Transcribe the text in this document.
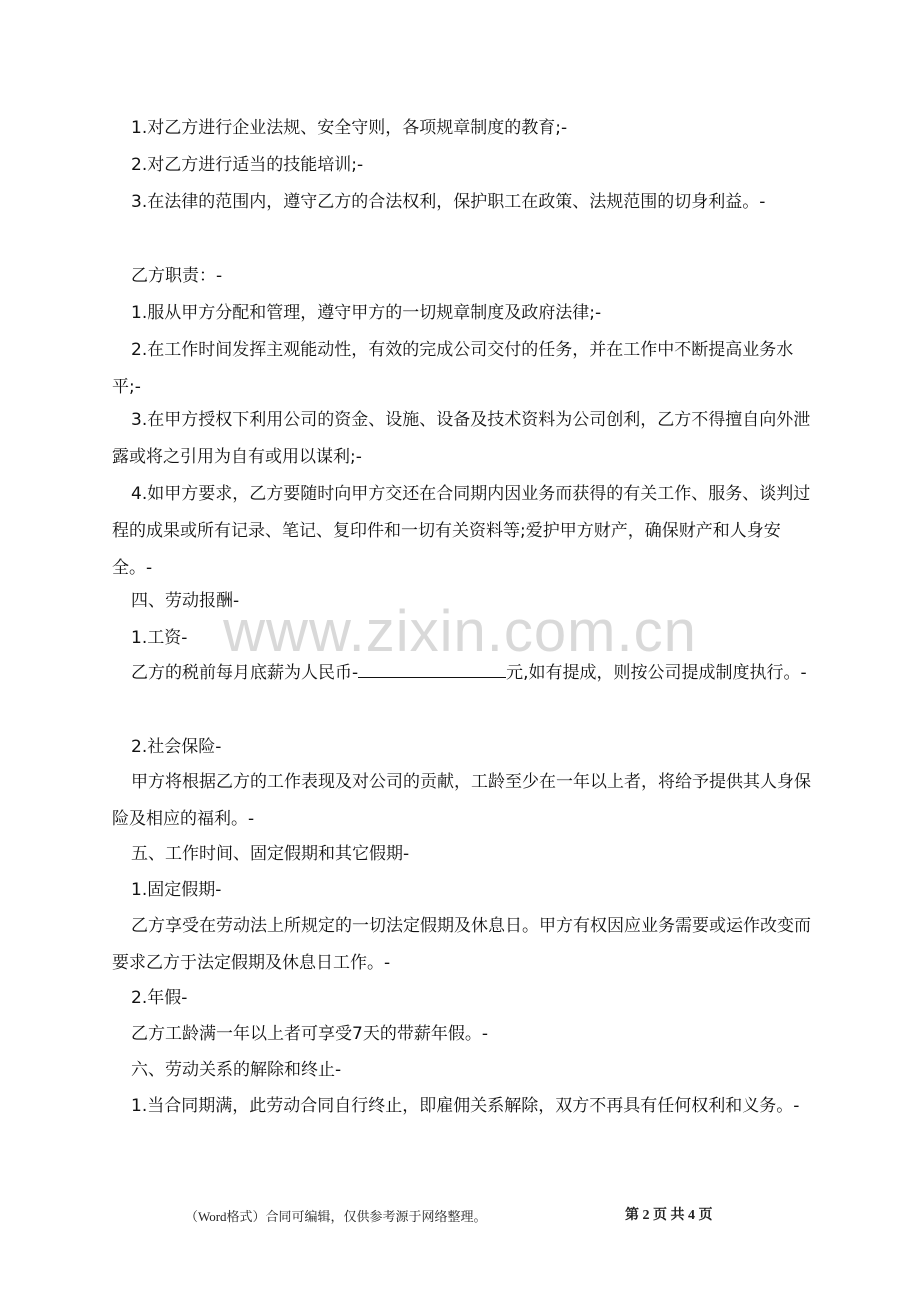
www.zixin.com.cn

1.对乙方进行企业法规、安全守则，各项规章制度的教育;-

2.对乙方进行适当的技能培训;-

3.在法律的范围内，遵守乙方的合法权利，保护职工在政策、法规范围的切身利益。-

乙方职责：-

1.服从甲方分配和管理，遵守甲方的一切规章制度及政府法律;-

2.在工作时间发挥主观能动性，有效的完成公司交付的任务，并在工作中不断提高业务水平;-

3.在甲方授权下利用公司的资金、设施、设备及技术资料为公司创利，乙方不得擅自向外泄露或将之引用为自有或用以谋利;-

4.如甲方要求，乙方要随时向甲方交还在合同期内因业务而获得的有关工作、服务、谈判过程的成果或所有记录、笔记、复印件和一切有关资料等;爱护甲方财产，确保财产和人身安全。-

四、劳动报酬-

1.工资-

乙方的税前每月底薪为人民币-	元,如有提成，则按公司提成制度执行。-

2.社会保险-

甲方将根据乙方的工作表现及对公司的贡献，工龄至少在一年以上者，将给予提供其人身保险及相应的福利。-

五、工作时间、固定假期和其它假期-

1.固定假期-

乙方享受在劳动法上所规定的一切法定假期及休息日。甲方有权因应业务需要或运作改变而要求乙方于法定假期及休息日工作。-

2.年假-

乙方工龄满一年以上者可享受7天的带薪年假。-

六、劳动关系的解除和终止-

1.当合同期满，此劳动合同自行终止，即雇佣关系解除，双方不再具有任何权利和义务。-

（Word格式）合同可编辑，仅供参考源于网络整理。	第 2 页 共 4 页
